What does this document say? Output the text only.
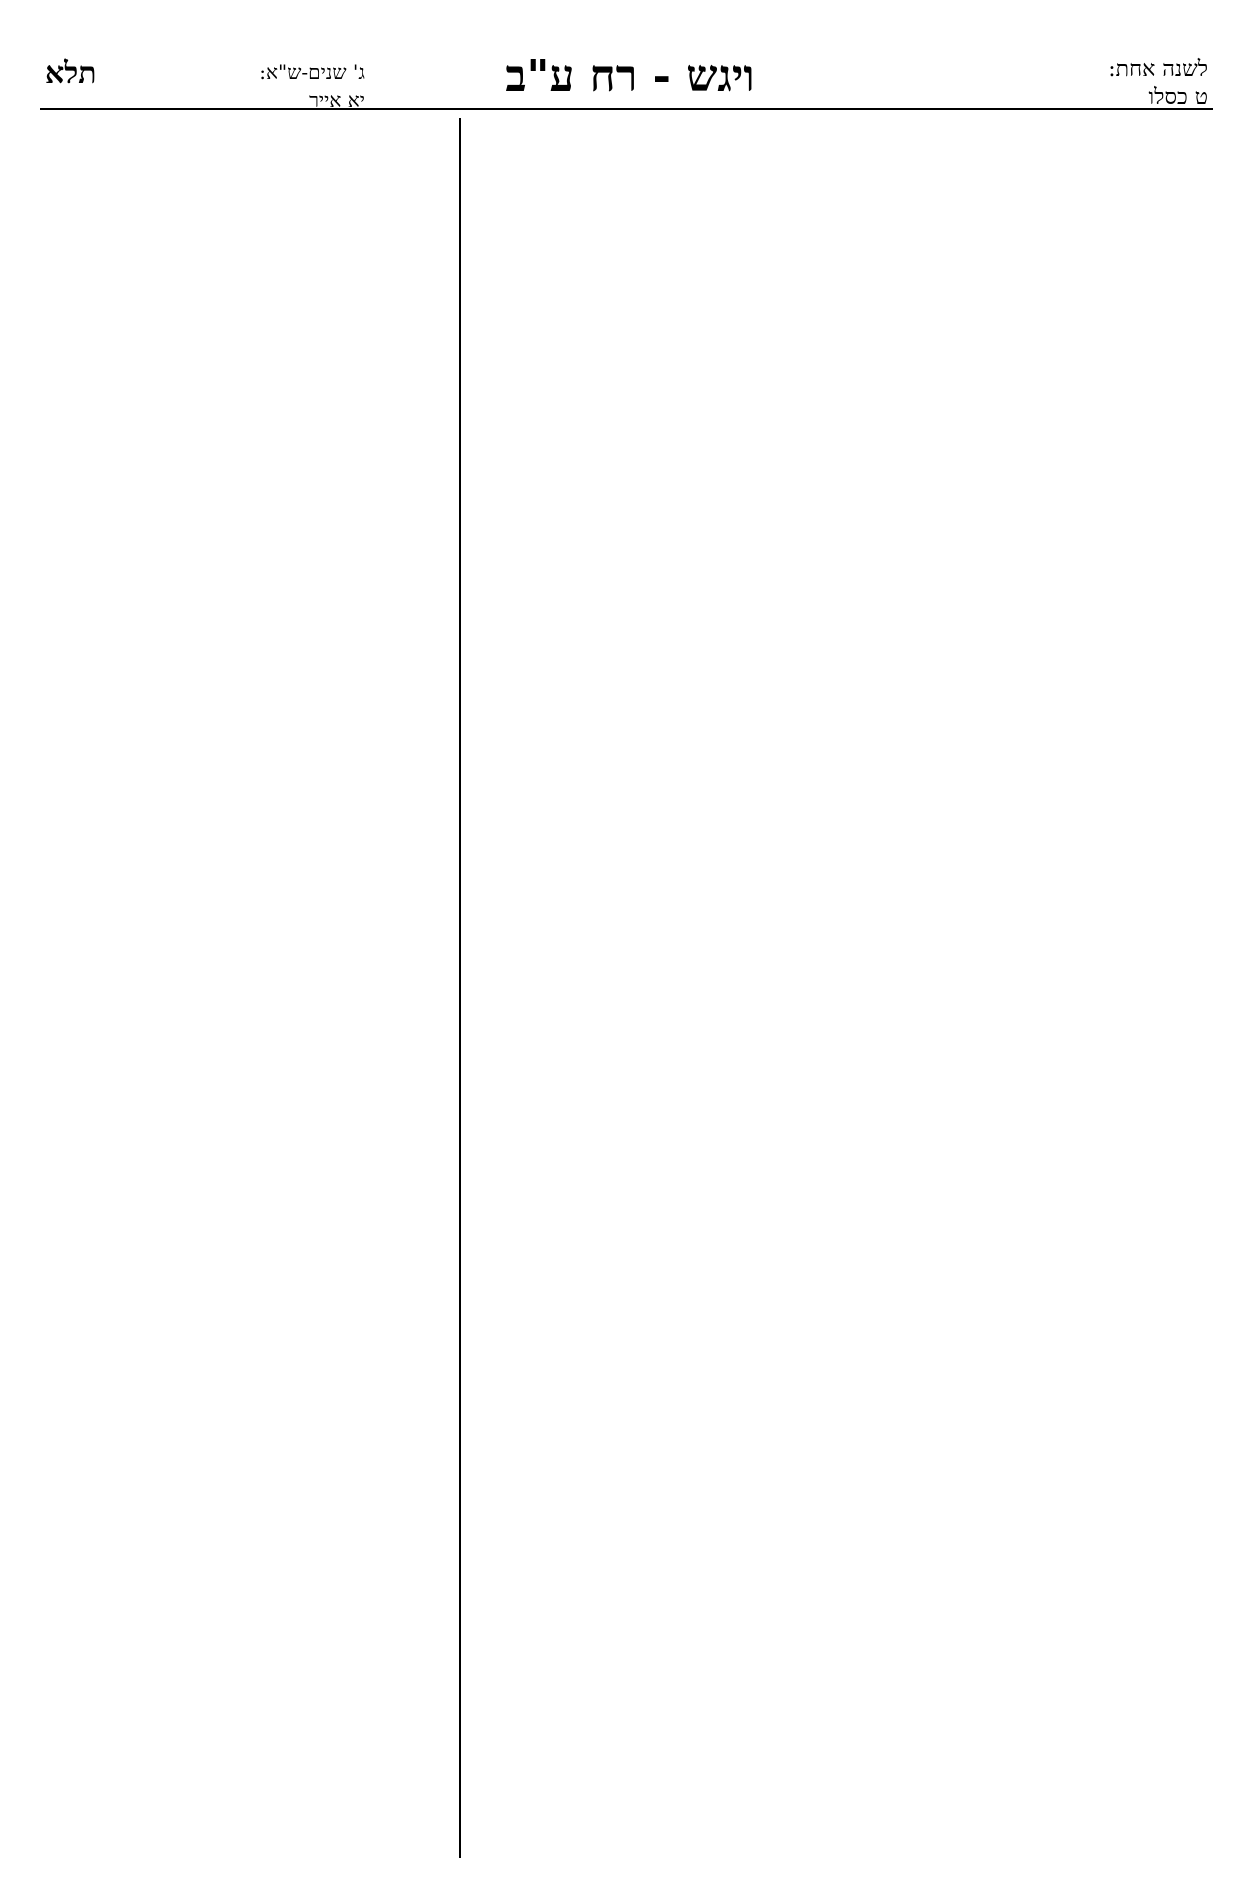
ג' שנים-ש"א:
יא אייר
תלא	ויגש - רח ע"ב	לשנה אחת:
ט כסלו
